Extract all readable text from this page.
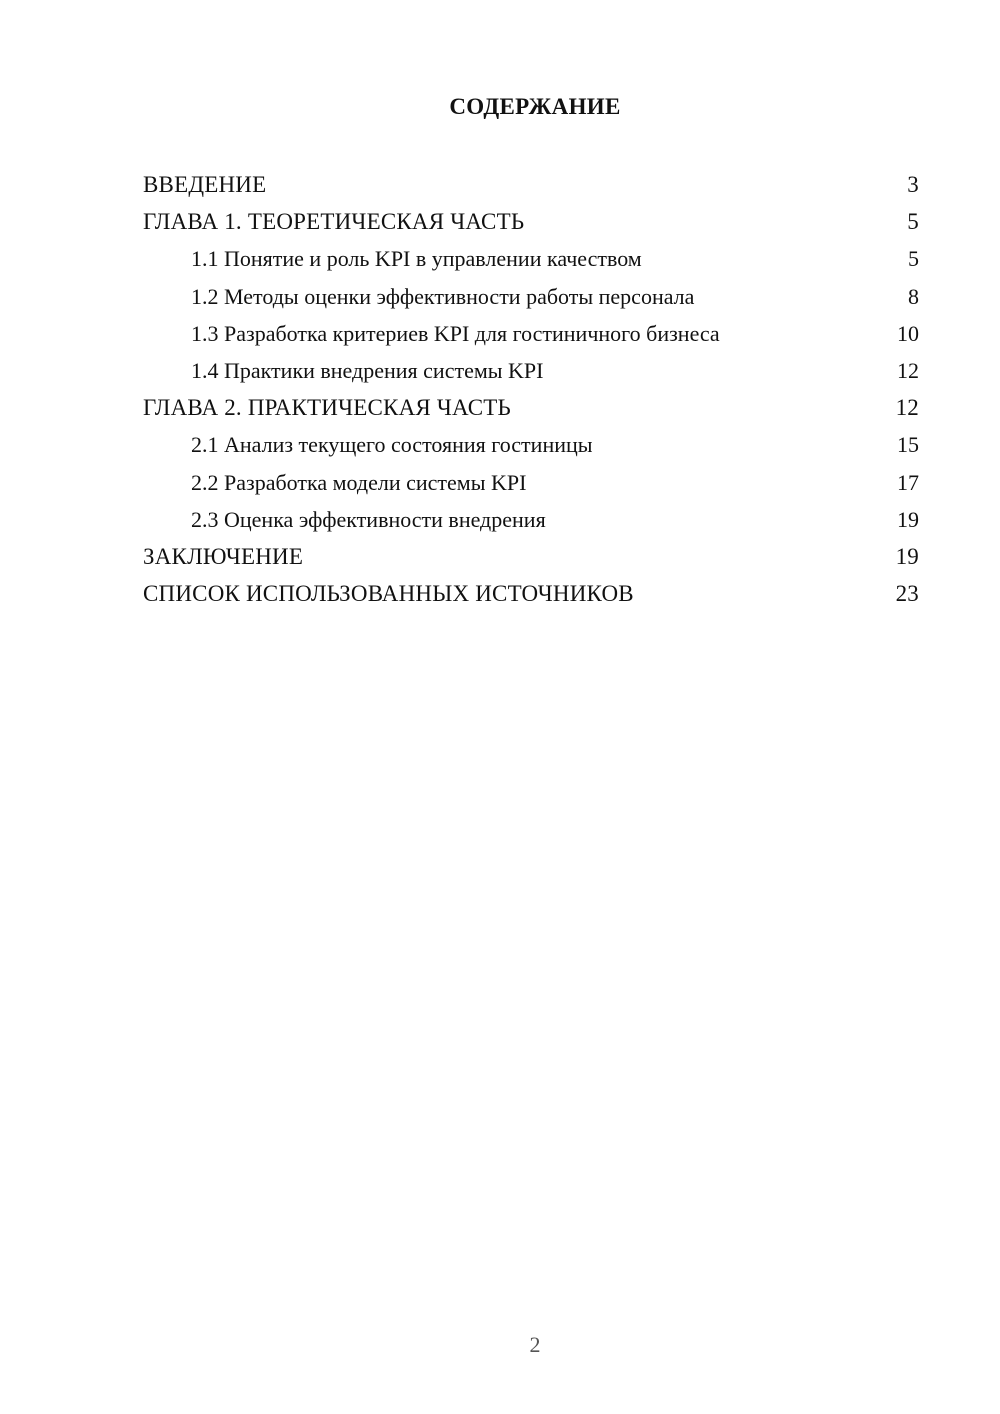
СОДЕРЖАНИЕ
ВВЕДЕНИЕ	3
ГЛАВА 1. ТЕОРЕТИЧЕСКАЯ ЧАСТЬ	5
1.1 Понятие и роль KPI в управлении качеством	5
1.2 Методы оценки эффективности работы персонала	8
1.3 Разработка критериев KPI для гостиничного бизнеса	10
1.4 Практики внедрения системы KPI	12
ГЛАВА 2. ПРАКТИЧЕСКАЯ ЧАСТЬ	12
2.1 Анализ текущего состояния гостиницы	15
2.2 Разработка модели системы KPI	17
2.3 Оценка эффективности внедрения	19
ЗАКЛЮЧЕНИЕ	19
СПИСОК ИСПОЛЬЗОВАННЫХ ИСТОЧНИКОВ	23
2
